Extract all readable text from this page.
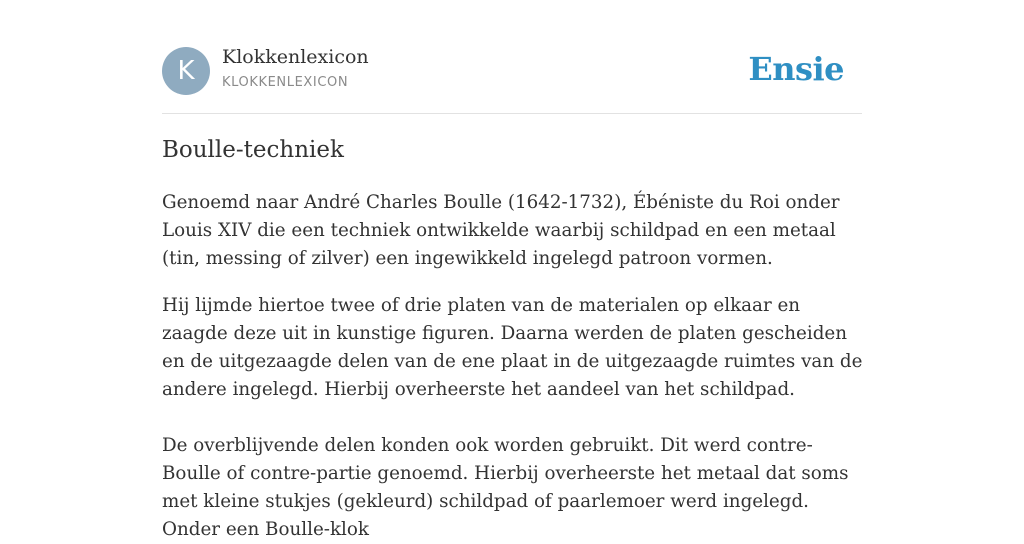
K	Klokkenlexicon
KLOKKENLEXICON	Ensie
Boulle-techniek

Genoemd naar André Charles Boulle (1642-1732), Ébéniste du Roi onder Louis XIV die een techniek ontwikkelde waarbij schildpad en een metaal (tin, messing of zilver) een ingewikkeld ingelegd patroon vormen.

Hij lijmde hiertoe twee of drie platen van de materialen op elkaar en zaagde deze uit in kunstige figuren. Daarna werden de platen gescheiden en de uitgezaagde delen van de ene plaat in de uitgezaagde ruimtes van de andere ingelegd. Hierbij overheerste het aandeel van het schildpad.

De overblijvende delen konden ook worden gebruikt. Dit werd contre-Boulle of contre-partie genoemd. Hierbij overheerste het metaal dat soms met kleine stukjes (gekleurd) schildpad of paarlemoer werd ingelegd. Onder een Boulle-klok
